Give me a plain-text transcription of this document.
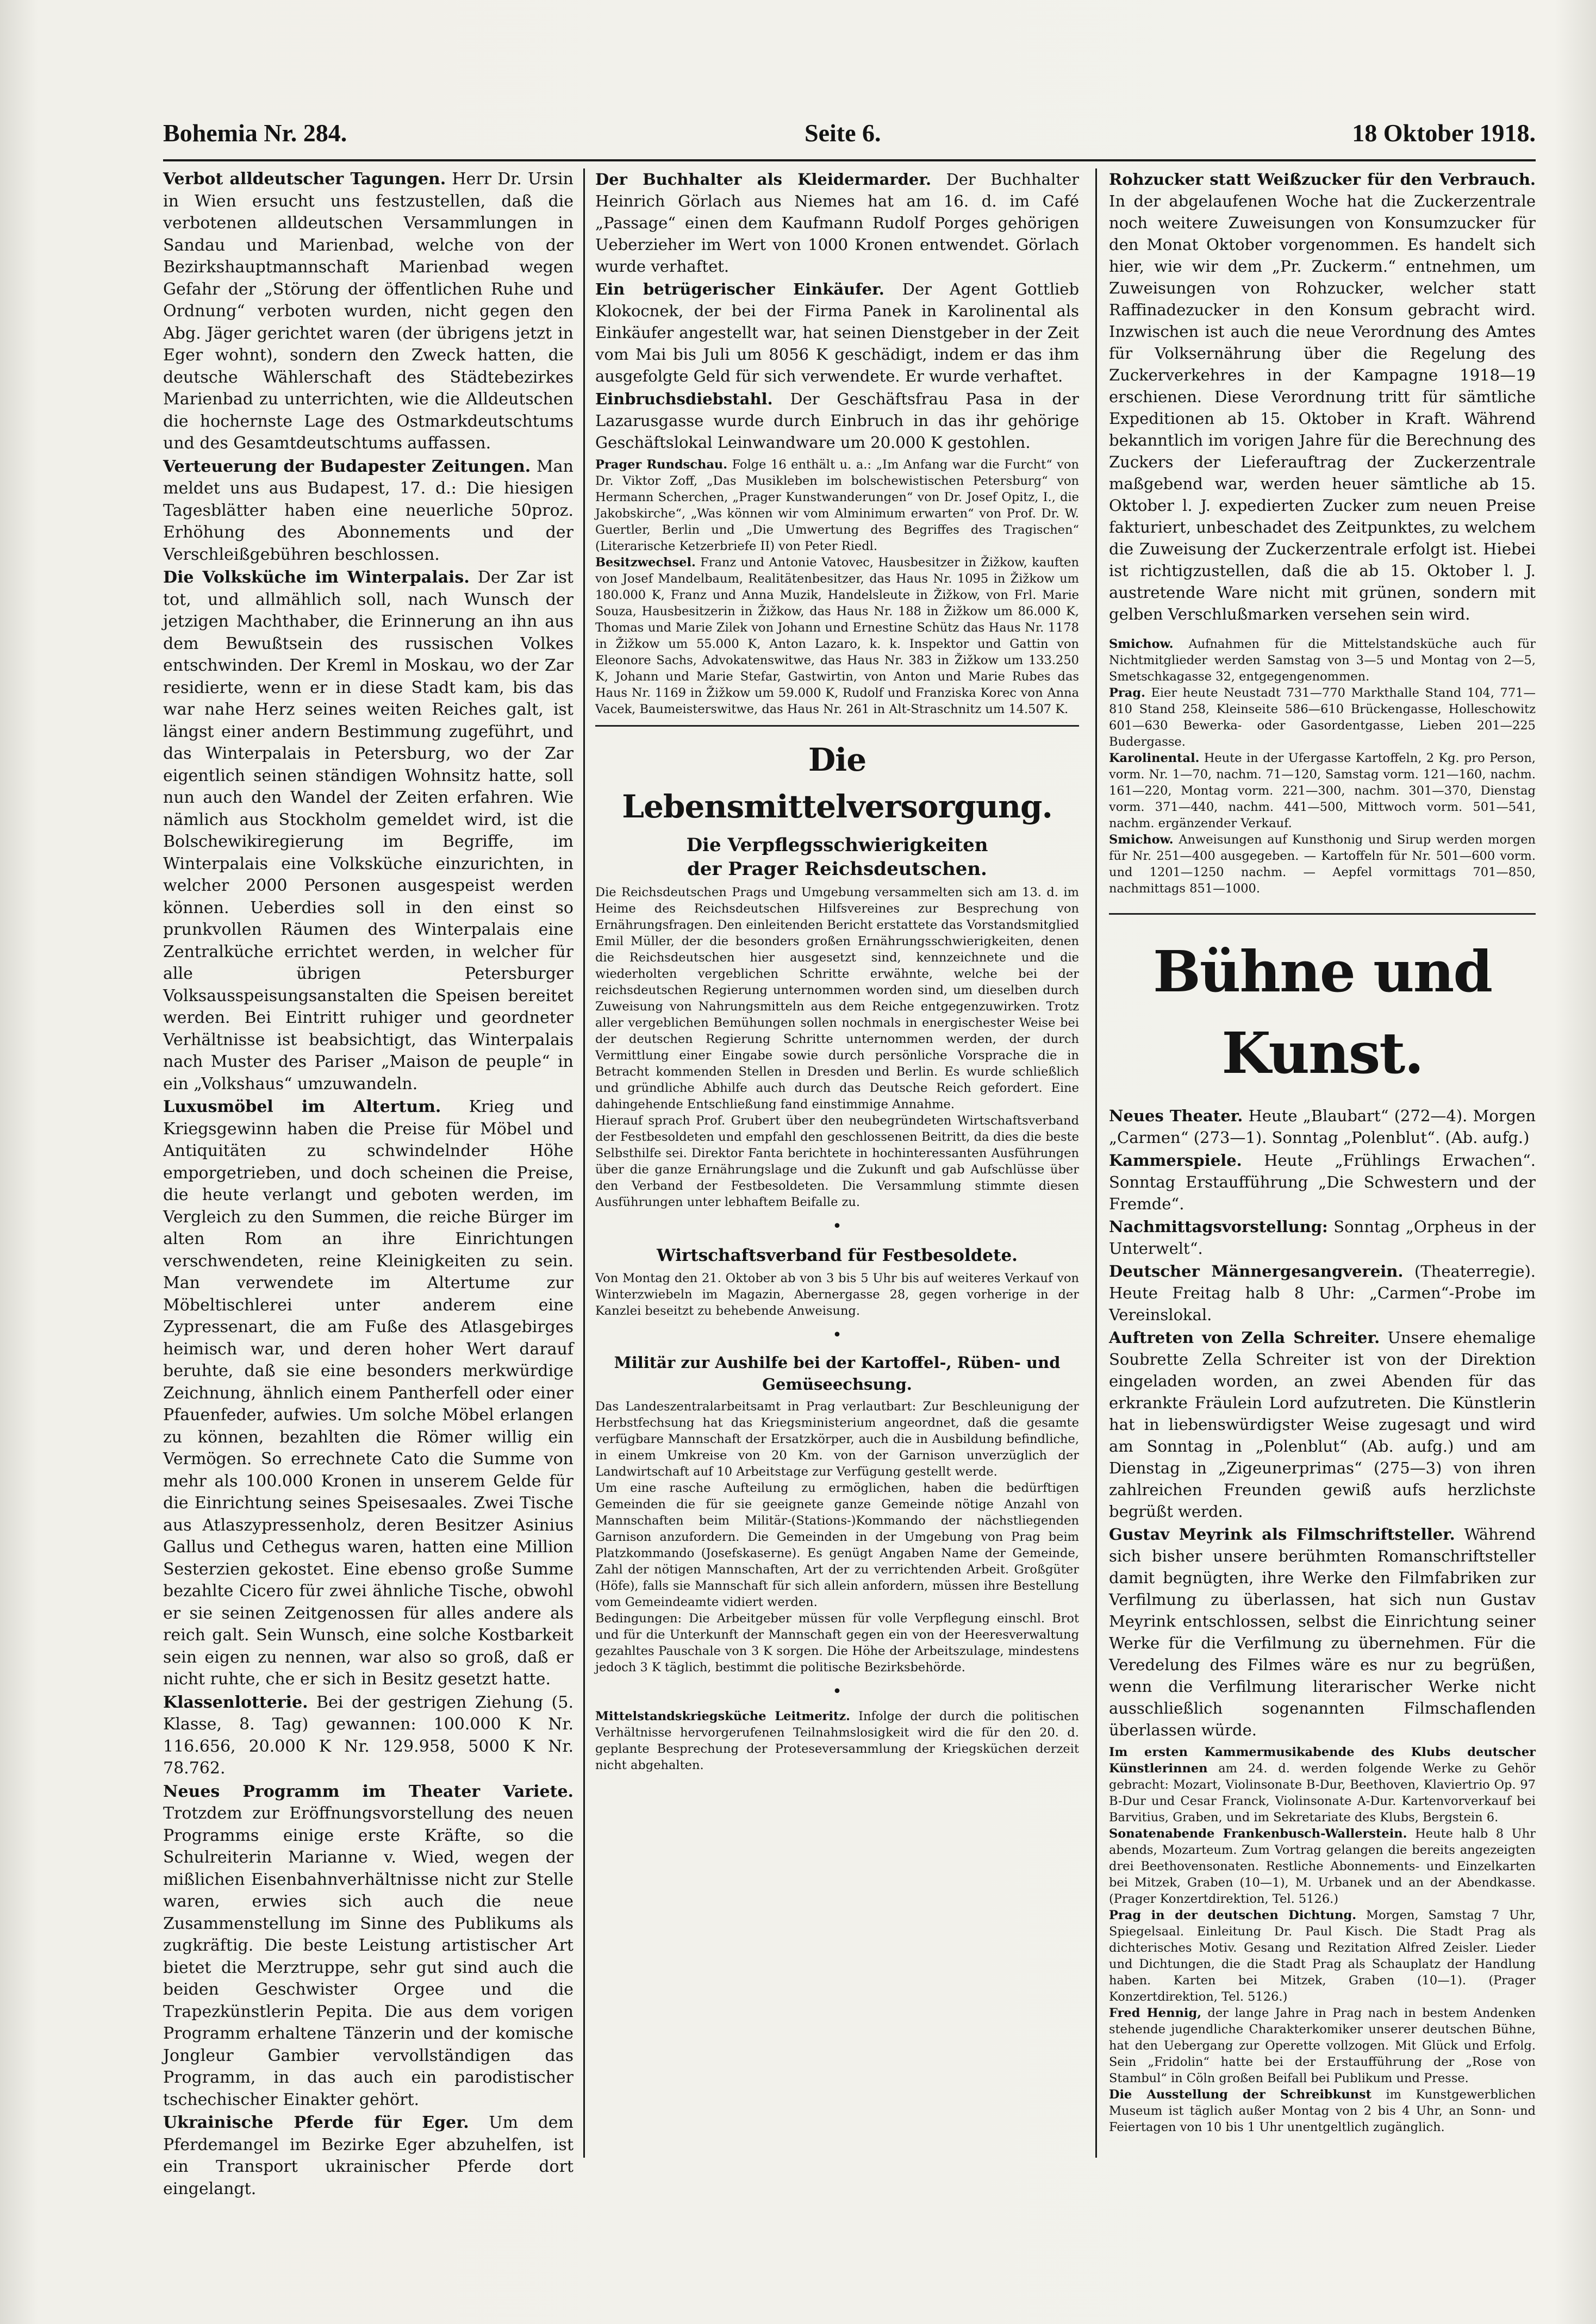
Bohemia Nr. 284.	Seite 6.	18 Oktober 1918.

Verbot alldeutscher Tagungen. Herr Dr. Ursin in Wien ersucht uns festzustellen, daß die verbotenen alldeutschen Versammlungen in Sandau und Marienbad, welche von der Bezirkshauptmannschaft Marienbad wegen Gefahr der „Störung der öffentlichen Ruhe und Ordnung“ verboten wurden, nicht gegen den Abg. Jäger gerichtet waren (der übrigens jetzt in Eger wohnt), sondern den Zweck hatten, die deutsche Wählerschaft des Städtebezirkes Marienbad zu unterrichten, wie die Alldeutschen die hochernste Lage des Ostmarkdeutschtums und des Gesamtdeutschtums auffassen.

Verteuerung der Budapester Zeitungen. Man meldet uns aus Budapest, 17. d.: Die hiesigen Tagesblätter haben eine neuerliche 50proz. Erhöhung des Abonnements und der Verschleißgebühren beschlossen.

Die Volksküche im Winterpalais. Der Zar ist tot, und allmählich soll, nach Wunsch der jetzigen Machthaber, die Erinnerung an ihn aus dem Bewußtsein des russischen Volkes entschwinden. Der Kreml in Moskau, wo der Zar residierte, wenn er in diese Stadt kam, bis das war nahe Herz seines weiten Reiches galt, ist längst einer andern Bestimmung zugeführt, und das Winterpalais in Petersburg, wo der Zar eigentlich seinen ständigen Wohnsitz hatte, soll nun auch den Wandel der Zeiten erfahren. Wie nämlich aus Stockholm gemeldet wird, ist die Bolschewikiregierung im Begriffe, im Winterpalais eine Volksküche einzurichten, in welcher 2000 Personen ausgespeist werden können. Ueberdies soll in den einst so prunkvollen Räumen des Winterpalais eine Zentralküche errichtet werden, in welcher für alle übrigen Petersburger Volksausspeisungsanstalten die Speisen bereitet werden. Bei Eintritt ruhiger und geordneter Verhältnisse ist beabsichtigt, das Winterpalais nach Muster des Pariser „Maison de peuple“ in ein „Volkshaus“ umzuwandeln.

Luxusmöbel im Altertum. Krieg und Kriegsgewinn haben die Preise für Möbel und Antiquitäten zu schwindelnder Höhe emporgetrieben, und doch scheinen die Preise, die heute verlangt und geboten werden, im Vergleich zu den Summen, die reiche Bürger im alten Rom an ihre Einrichtungen verschwendeten, reine Kleinigkeiten zu sein. Man verwendete im Altertume zur Möbeltischlerei unter anderem eine Zypressenart, die am Fuße des Atlasgebirges heimisch war, und deren hoher Wert darauf beruhte, daß sie eine besonders merkwürdige Zeichnung, ähnlich einem Pantherfell oder einer Pfauenfeder, aufwies. Um solche Möbel erlangen zu können, bezahlten die Römer willig ein Vermögen. So errechnete Cato die Summe von mehr als 100.000 Kronen in unserem Gelde für die Einrichtung seines Speisesaales. Zwei Tische aus Atlaszypressenholz, deren Besitzer Asinius Gallus und Cethegus waren, hatten eine Million Sesterzien gekostet. Eine ebenso große Summe bezahlte Cicero für zwei ähnliche Tische, obwohl er sie seinen Zeitgenossen für alles andere als reich galt. Sein Wunsch, eine solche Kostbarkeit sein eigen zu nennen, war also so groß, daß er nicht ruhte, che er sich in Besitz gesetzt hatte.

Klassenlotterie. Bei der gestrigen Ziehung (5. Klasse, 8. Tag) gewannen: 100.000 K Nr. 116.656, 20.000 K Nr. 129.958, 5000 K Nr. 78.762.

Neues Programm im Theater Variete. Trotzdem zur Eröffnungsvorstellung des neuen Programms einige erste Kräfte, so die Schulreiterin Marianne v. Wied, wegen der mißlichen Eisenbahnverhältnisse nicht zur Stelle waren, erwies sich auch die neue Zusammenstellung im Sinne des Publikums als zugkräftig. Die beste Leistung artistischer Art bietet die Merztruppe, sehr gut sind auch die beiden Geschwister Orgee und die Trapezkünstlerin Pepita. Die aus dem vorigen Programm erhaltene Tänzerin und der komische Jongleur Gambier vervollständigen das Programm, in das auch ein parodistischer tschechischer Einakter gehört.

Ukrainische Pferde für Eger. Um dem Pferdemangel im Bezirke Eger abzuhelfen, ist ein Transport ukrainischer Pferde dort eingelangt.

Der Buchhalter als Kleidermarder. Der Buchhalter Heinrich Görlach aus Niemes hat am 16. d. im Café „Passage“ einen dem Kaufmann Rudolf Porges gehörigen Ueberzieher im Wert von 1000 Kronen entwendet. Görlach wurde verhaftet.

Ein betrügerischer Einkäufer. Der Agent Gottlieb Klokocnek, der bei der Firma Panek in Karolinental als Einkäufer angestellt war, hat seinen Dienstgeber in der Zeit vom Mai bis Juli um 8056 K geschädigt, indem er das ihm ausgefolgte Geld für sich verwendete. Er wurde verhaftet.

Einbruchsdiebstahl. Der Geschäftsfrau Pasa in der Lazarusgasse wurde durch Einbruch in das ihr gehörige Geschäftslokal Leinwandware um 20.000 K gestohlen.

Prager Rundschau. Folge 16 enthält u. a.: „Im Anfang war die Furcht“ von Dr. Viktor Zoff, „Das Musikleben im bolschewistischen Petersburg“ von Hermann Scherchen, „Prager Kunstwanderungen“ von Dr. Josef Opitz, I., die Jakobskirche“, „Was können wir vom Alminimum erwarten“ von Prof. Dr. W. Guertler, Berlin und „Die Umwertung des Begriffes des Tragischen“ (Literarische Ketzerbriefe II) von Peter Riedl.

Besitzwechsel. Franz und Antonie Vatovec, Hausbesitzer in Žižkow, kauften von Josef Mandelbaum, Realitätenbesitzer, das Haus Nr. 1095 in Žižkow um 180.000 K, Franz und Anna Muzik, Handelsleute in Žižkow, von Frl. Marie Souza, Hausbesitzerin in Žižkow, das Haus Nr. 188 in Žižkow um 86.000 K, Thomas und Marie Zilek von Johann und Ernestine Schütz das Haus Nr. 1178 in Žižkow um 55.000 K, Anton Lazaro, k. k. Inspektor und Gattin von Eleonore Sachs, Advokatenswitwe, das Haus Nr. 383 in Žižkow um 133.250 K, Johann und Marie Stefar, Gastwirtin, von Anton und Marie Rubes das Haus Nr. 1169 in Žižkow um 59.000 K, Rudolf und Franziska Korec von Anna Vacek, Baumeisterswitwe, das Haus Nr. 261 in Alt-Straschnitz um 14.507 K.

Die Lebensmittelversorgung.
Die Verpflegsschwierigkeiten
der Prager Reichsdeutschen.

Die Reichsdeutschen Prags und Umgebung versammelten sich am 13. d. im Heime des Reichsdeutschen Hilfsvereines zur Besprechung von Ernährungsfragen. Den einleitenden Bericht erstattete das Vorstandsmitglied Emil Müller, der die besonders großen Ernährungsschwierigkeiten, denen die Reichsdeutschen hier ausgesetzt sind, kennzeichnete und die wiederholten vergeblichen Schritte erwähnte, welche bei der reichsdeutschen Regierung unternommen worden sind, um dieselben durch Zuweisung von Nahrungsmitteln aus dem Reiche entgegenzuwirken. Trotz aller vergeblichen Bemühungen sollen nochmals in energischester Weise bei der deutschen Regierung Schritte unternommen werden, der durch Vermittlung einer Eingabe sowie durch persönliche Vorsprache die in Betracht kommenden Stellen in Dresden und Berlin. Es wurde schließlich und gründliche Abhilfe auch durch das Deutsche Reich gefordert. Eine dahingehende Entschließung fand einstimmige Annahme.

Hierauf sprach Prof. Grubert über den neubegründeten Wirtschaftsverband der Festbesoldeten und empfahl den geschlossenen Beitritt, da dies die beste Selbsthilfe sei. Direktor Fanta berichtete in hochinteressanten Ausführungen über die ganze Ernährungslage und die Zukunft und gab Aufschlüsse über den Verband der Festbesoldeten. Die Versammlung stimmte diesen Ausführungen unter lebhaftem Beifalle zu.

•
Wirtschaftsverband für Festbesoldete.

Von Montag den 21. Oktober ab von 3 bis 5 Uhr bis auf weiteres Verkauf von Winterzwiebeln im Magazin, Abernergasse 28, gegen vorherige in der Kanzlei beseitzt zu behebende Anweisung.

•
Militär zur Aushilfe bei der Kartoffel-, Rüben- und Gemüseechsung.

Das Landeszentralarbeitsamt in Prag verlautbart: Zur Beschleunigung der Herbstfechsung hat das Kriegsministerium angeordnet, daß die gesamte verfügbare Mannschaft der Ersatzkörper, auch die in Ausbildung befindliche, in einem Umkreise von 20 Km. von der Garnison unverzüglich der Landwirtschaft auf 10 Arbeitstage zur Verfügung gestellt werde.

Um eine rasche Aufteilung zu ermöglichen, haben die bedürftigen Gemeinden die für sie geeignete ganze Gemeinde nötige Anzahl von Mannschaften beim Militär-(Stations-)Kommando der nächstliegenden Garnison anzufordern. Die Gemeinden in der Umgebung von Prag beim Platzkommando (Josefskaserne). Es genügt Angaben Name der Gemeinde, Zahl der nötigen Mannschaften, Art der zu verrichtenden Arbeit. Großgüter (Höfe), falls sie Mannschaft für sich allein anfordern, müssen ihre Bestellung vom Gemeindeamte vidiert werden.

Bedingungen: Die Arbeitgeber müssen für volle Verpflegung einschl. Brot und für die Unterkunft der Mannschaft gegen ein von der Heeresverwaltung gezahltes Pauschale von 3 K sorgen. Die Höhe der Arbeitszulage, mindestens jedoch 3 K täglich, bestimmt die politische Bezirksbehörde.

•

Mittelstandskriegsküche Leitmeritz. Infolge der durch die politischen Verhältnisse hervorgerufenen Teilnahmslosigkeit wird die für den 20. d. geplante Besprechung der Proteseversammlung der Kriegsküchen derzeit nicht abgehalten.

Rohzucker statt Weißzucker für den Verbrauch. In der abgelaufenen Woche hat die Zuckerzentrale noch weitere Zuweisungen von Konsumzucker für den Monat Oktober vorgenommen. Es handelt sich hier, wie wir dem „Pr. Zuckerm.“ entnehmen, um Zuweisungen von Rohzucker, welcher statt Raffinadezucker in den Konsum gebracht wird. Inzwischen ist auch die neue Verordnung des Amtes für Volksernährung über die Regelung des Zuckerverkehres in der Kampagne 1918—19 erschienen. Diese Verordnung tritt für sämtliche Expeditionen ab 15. Oktober in Kraft. Während bekanntlich im vorigen Jahre für die Berechnung des Zuckers der Lieferauftrag der Zuckerzentrale maßgebend war, werden heuer sämtliche ab 15. Oktober l. J. expedierten Zucker zum neuen Preise fakturiert, unbeschadet des Zeitpunktes, zu welchem die Zuweisung der Zuckerzentrale erfolgt ist. Hiebei ist richtigzustellen, daß die ab 15. Oktober l. J. austretende Ware nicht mit grünen, sondern mit gelben Verschlußmarken versehen sein wird.

Smichow. Aufnahmen für die Mittelstandsküche auch für Nichtmitglieder werden Samstag von 3—5 und Montag von 2—5, Smetschkagasse 32, entgegengenommen.

Prag. Eier heute Neustadt 731—770 Markthalle Stand 104, 771—810 Stand 258, Kleinseite 586—610 Brückengasse, Holleschowitz 601—630 Bewerka- oder Gasordentgasse, Lieben 201—225 Budergasse.

Karolinental. Heute in der Ufergasse Kartoffeln, 2 Kg. pro Person, vorm. Nr. 1—70, nachm. 71—120, Samstag vorm. 121—160, nachm. 161—220, Montag vorm. 221—300, nachm. 301—370, Dienstag vorm. 371—440, nachm. 441—500, Mittwoch vorm. 501—541, nachm. ergänzender Verkauf.

Smichow. Anweisungen auf Kunsthonig und Sirup werden morgen für Nr. 251—400 ausgegeben. — Kartoffeln für Nr. 501—600 vorm. und 1201—1250 nachm. — Aepfel vormittags 701—850, nachmittags 851—1000.

Bühne und Kunst.

Neues Theater. Heute „Blaubart“ (272—4). Morgen „Carmen“ (273—1). Sonntag „Polenblut“. (Ab. aufg.)

Kammerspiele. Heute „Frühlings Erwachen“. Sonntag Erstaufführung „Die Schwestern und der Fremde“.

Nachmittagsvorstellung: Sonntag „Orpheus in der Unterwelt“.

Deutscher Männergesangverein. (Theaterregie). Heute Freitag halb 8 Uhr: „Carmen“-Probe im Vereinslokal.

Auftreten von Zella Schreiter. Unsere ehemalige Soubrette Zella Schreiter ist von der Direktion eingeladen worden, an zwei Abenden für das erkrankte Fräulein Lord aufzutreten. Die Künstlerin hat in liebenswürdigster Weise zugesagt und wird am Sonntag in „Polenblut“ (Ab. aufg.) und am Dienstag in „Zigeunerprimas“ (275—3) von ihren zahlreichen Freunden gewiß aufs herzlichste begrüßt werden.

Gustav Meyrink als Filmschriftsteller. Während sich bisher unsere berühmten Romanschriftsteller damit begnügten, ihre Werke den Filmfabriken zur Verfilmung zu überlassen, hat sich nun Gustav Meyrink entschlossen, selbst die Einrichtung seiner Werke für die Verfilmung zu übernehmen. Für die Veredelung des Filmes wäre es nur zu begrüßen, wenn die Verfilmung literarischer Werke nicht ausschließlich sogenannten Filmschaflenden überlassen würde.

Im ersten Kammermusikabende des Klubs deutscher Künstlerinnen am 24. d. werden folgende Werke zu Gehör gebracht: Mozart, Violinsonate B-Dur, Beethoven, Klaviertrio Op. 97 B-Dur und Cesar Franck, Violinsonate A-Dur. Kartenvorverkauf bei Barvitius, Graben, und im Sekretariate des Klubs, Bergstein 6.

Sonatenabende Frankenbusch-Wallerstein. Heute halb 8 Uhr abends, Mozarteum. Zum Vortrag gelangen die bereits angezeigten drei Beethovensonaten. Restliche Abonnements- und Einzelkarten bei Mitzek, Graben (10—1), M. Urbanek und an der Abendkasse. (Prager Konzertdirektion, Tel. 5126.)

Prag in der deutschen Dichtung. Morgen, Samstag 7 Uhr, Spiegelsaal. Einleitung Dr. Paul Kisch. Die Stadt Prag als dichterisches Motiv. Gesang und Rezitation Alfred Zeisler. Lieder und Dichtungen, die die Stadt Prag als Schauplatz der Handlung haben. Karten bei Mitzek, Graben (10—1). (Prager Konzertdirektion, Tel. 5126.)

Fred Hennig, der lange Jahre in Prag nach in bestem Andenken stehende jugendliche Charakterkomiker unserer deutschen Bühne, hat den Uebergang zur Operette vollzogen. Mit Glück und Erfolg. Sein „Fridolin“ hatte bei der Erstaufführung der „Rose von Stambul“ in Cöln großen Beifall bei Publikum und Presse.

Die Ausstellung der Schreibkunst im Kunstgewerblichen Museum ist täglich außer Montag von 2 bis 4 Uhr, an Sonn- und Feiertagen von 10 bis 1 Uhr unentgeltlich zugänglich.
